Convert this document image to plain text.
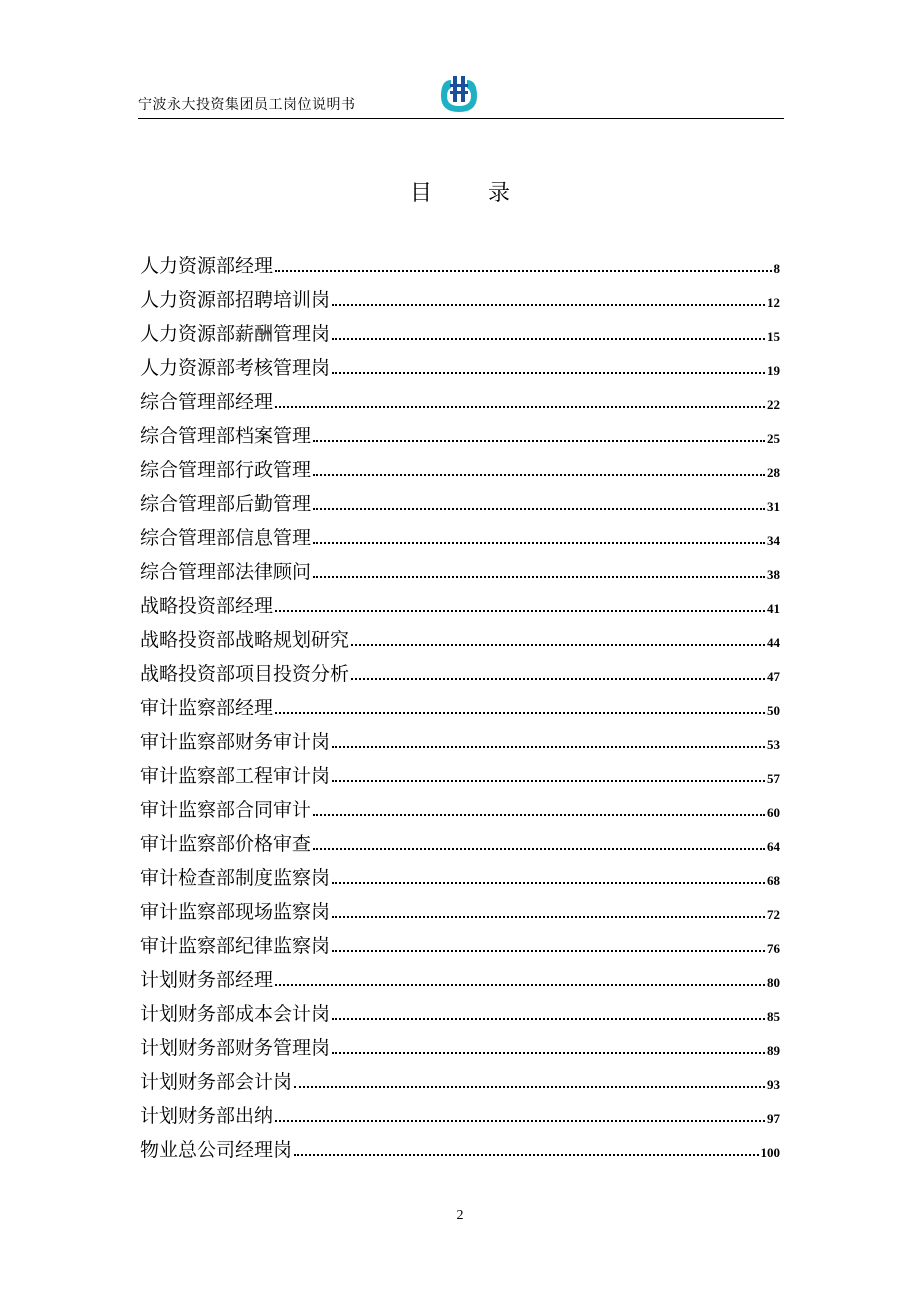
宁波永大投资集团员工岗位说明书
目录
人力资源部经理	8
人力资源部招聘培训岗	12
人力资源部薪酬管理岗	15
人力资源部考核管理岗	19
综合管理部经理	22
综合管理部档案管理	25
综合管理部行政管理	28
综合管理部后勤管理	31
综合管理部信息管理	34
综合管理部法律顾问	38
战略投资部经理	41
战略投资部战略规划研究	44
战略投资部项目投资分析	47
审计监察部经理	50
审计监察部财务审计岗	53
审计监察部工程审计岗	57
审计监察部合同审计	60
审计监察部价格审查	64
审计检查部制度监察岗	68
审计监察部现场监察岗	72
审计监察部纪律监察岗	76
计划财务部经理	80
计划财务部成本会计岗	85
计划财务部财务管理岗	89
计划财务部会计岗	93
计划财务部出纳	97
物业总公司经理岗	100
2
